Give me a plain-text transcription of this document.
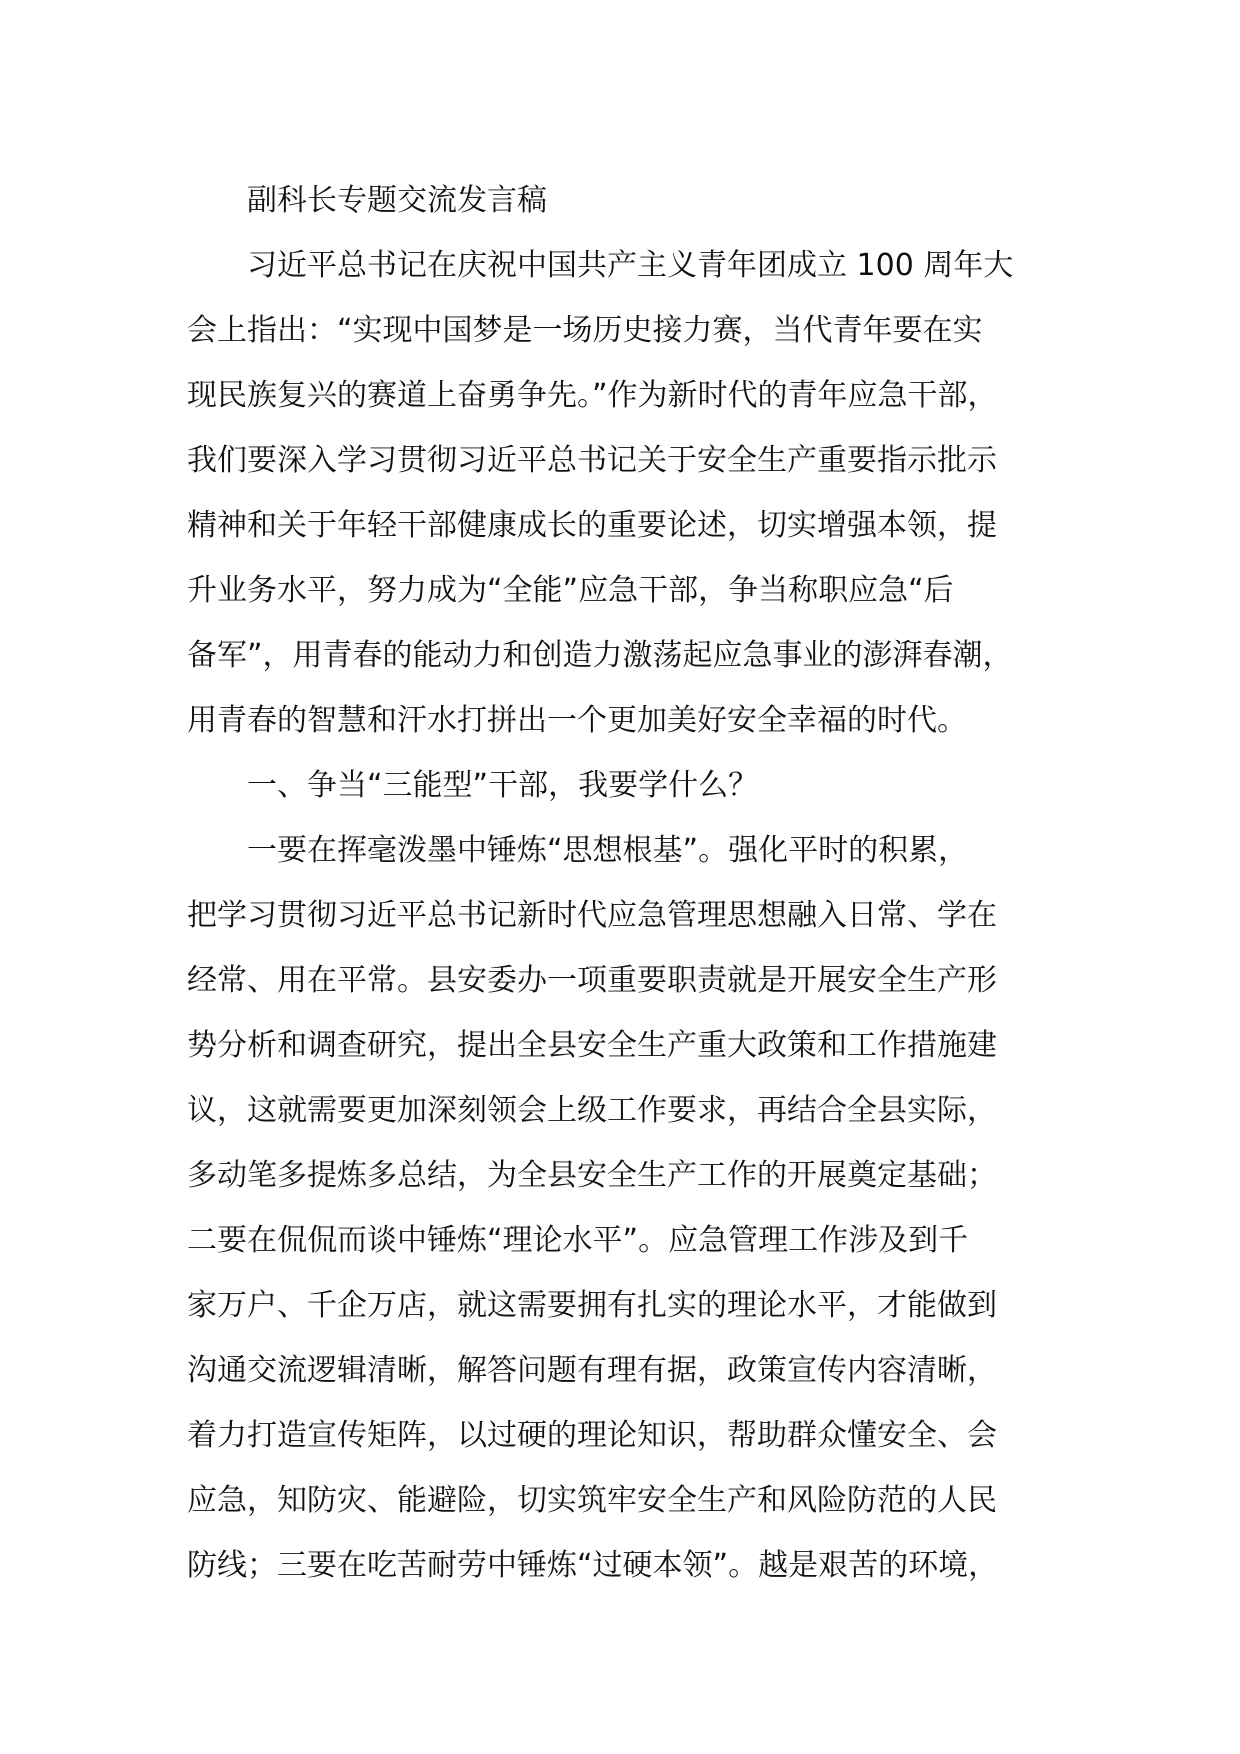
副科长专题交流发言稿
习近平总书记在庆祝中国共产主义青年团成立 100 周年大
会上指出：“实现中国梦是一场历史接力赛，当代青年要在实
现民族复兴的赛道上奋勇争先。”作为新时代的青年应急干部，
我们要深入学习贯彻习近平总书记关于安全生产重要指示批示
精神和关于年轻干部健康成长的重要论述，切实增强本领，提
升业务水平，努力成为“全能”应急干部，争当称职应急“后
备军”，用青春的能动力和创造力激荡起应急事业的澎湃春潮，
用青春的智慧和汗水打拼出一个更加美好安全幸福的时代。
一、争当“三能型”干部，我要学什么？
一要在挥毫泼墨中锤炼“思想根基”。强化平时的积累，
把学习贯彻习近平总书记新时代应急管理思想融入日常、学在
经常、用在平常。县安委办一项重要职责就是开展安全生产形
势分析和调查研究，提出全县安全生产重大政策和工作措施建
议，这就需要更加深刻领会上级工作要求，再结合全县实际，
多动笔多提炼多总结，为全县安全生产工作的开展奠定基础；
二要在侃侃而谈中锤炼“理论水平”。应急管理工作涉及到千
家万户、千企万店，就这需要拥有扎实的理论水平，才能做到
沟通交流逻辑清晰，解答问题有理有据，政策宣传内容清晰，
着力打造宣传矩阵，以过硬的理论知识，帮助群众懂安全、会
应急，知防灾、能避险，切实筑牢安全生产和风险防范的人民
防线；三要在吃苦耐劳中锤炼“过硬本领”。越是艰苦的环境，
